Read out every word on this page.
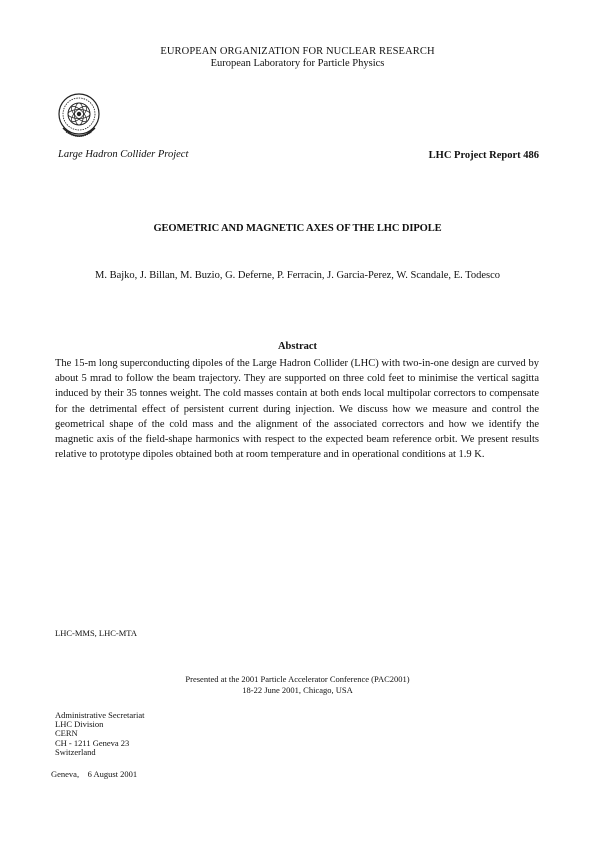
EUROPEAN ORGANIZATION FOR NUCLEAR RESEARCH
European Laboratory for Particle Physics
Large Hadron Collider Project	LHC Project Report 486
GEOMETRIC AND MAGNETIC AXES OF THE LHC DIPOLE
M. Bajko, J. Billan, M. Buzio, G. Deferne, P. Ferracin, J. Garcia-Perez, W. Scandale, E. Todesco
Abstract
The 15-m long superconducting dipoles of the Large Hadron Collider (LHC) with two-in-one design are curved by about 5 mrad to follow the beam trajectory. They are supported on three cold feet to minimise the vertical sagitta induced by their 35 tonnes weight. The cold masses contain at both ends local multipolar correctors to compensate for the detrimental effect of persistent current during injection. We discuss how we measure and control the geometrical shape of the cold mass and the alignment of the associated correctors and how we identify the magnetic axis of the field-shape harmonics with respect to the expected beam reference orbit. We present results relative to prototype dipoles obtained both at room temperature and in operational conditions at 1.9 K.
LHC-MMS, LHC-MTA
Presented at the 2001 Particle Accelerator Conference (PAC2001)
18-22 June 2001, Chicago, USA
Administrative Secretariat
LHC Division
CERN
CH - 1211 Geneva 23
Switzerland
Geneva,    6 August 2001
